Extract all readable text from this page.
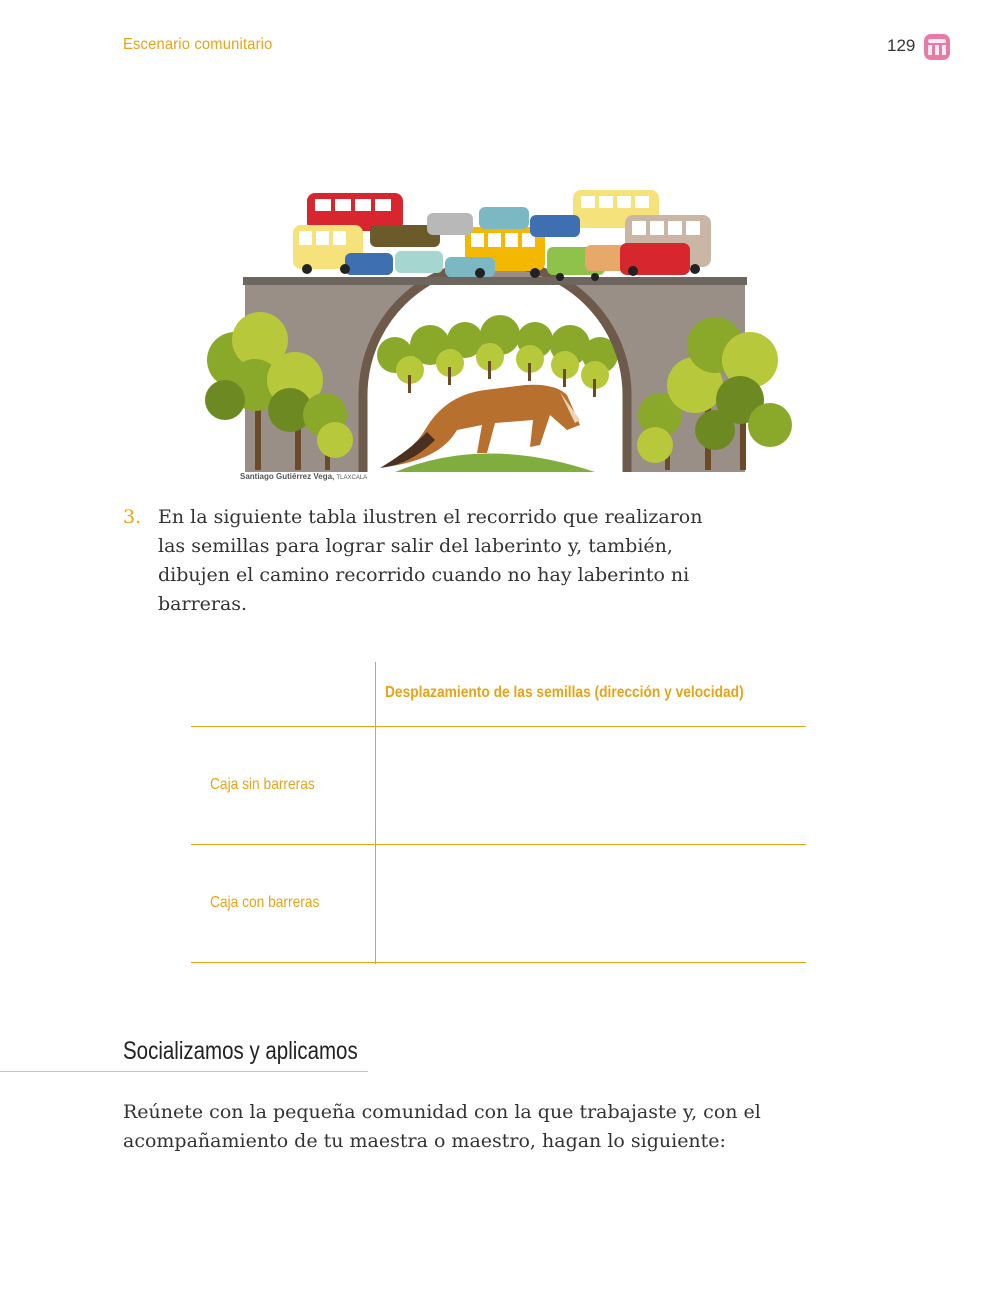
Escenario comunitario	129
Santiago Gutiérrez Vega, TLAXCALA
3. En la siguiente tabla ilustren el recorrido que realizaron las semillas para lograr salir del laberinto y, también, dibujen el camino recorrido cuando no hay laberinto ni barreras.
Desplazamiento de las semillas (dirección y velocidad)
Caja sin barreras
Caja con barreras
Socializamos y aplicamos
Reúnete con la pequeña comunidad con la que trabajaste y, con el acompañamiento de tu maestra o maestro, hagan lo siguiente:
